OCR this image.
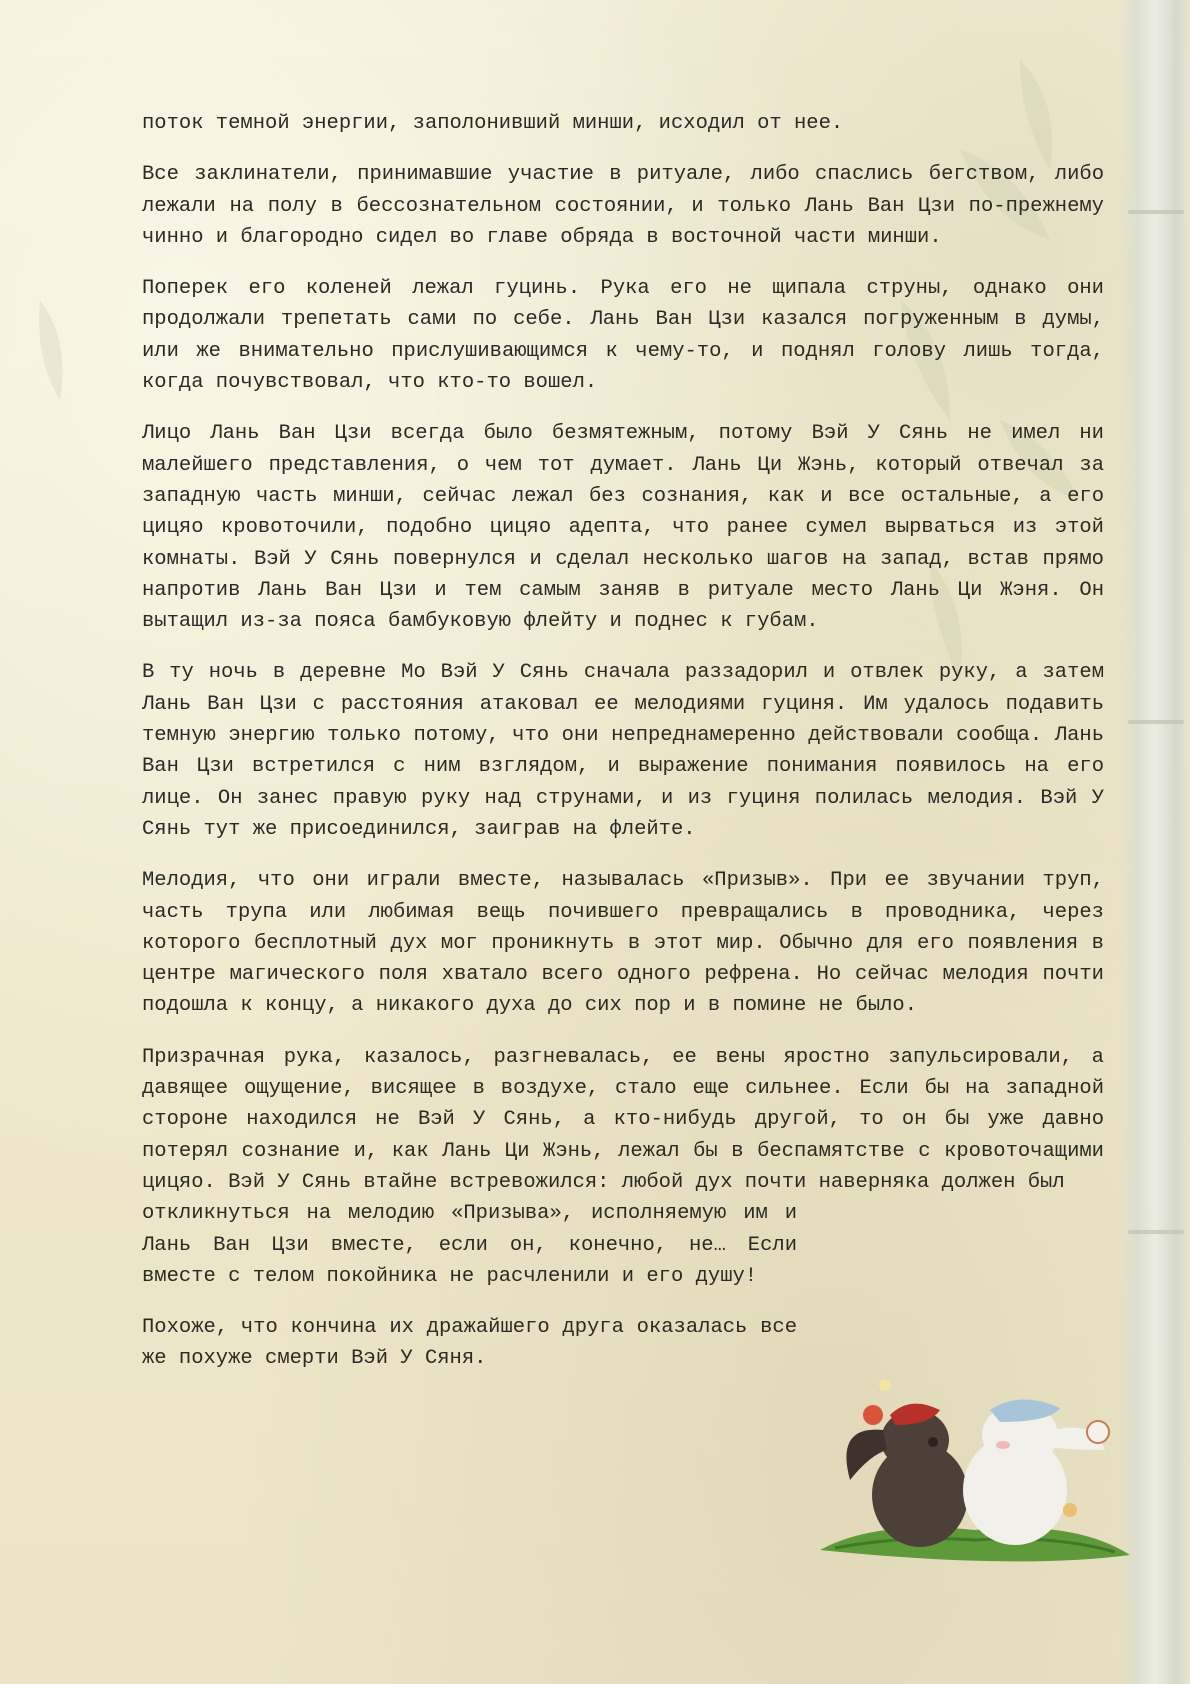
поток темной энергии, заполонивший минши, исходил от нее.

Все заклинатели, принимавшие участие в ритуале, либо спаслись бегством, либо лежали на полу в бессознательном состоянии, и только Лань Ван Цзи по-прежнему чинно и благородно сидел во главе обряда в восточной части минши.

Поперек его коленей лежал гуцинь. Рука его не щипала струны, однако они продолжали трепетать сами по себе. Лань Ван Цзи казался погруженным в думы, или же внимательно прислушивающимся к чему-то, и поднял голову лишь тогда, когда почувствовал, что кто-то вошел.

Лицо Лань Ван Цзи всегда было безмятежным, потому Вэй У Сянь не имел ни малейшего представления, о чем тот думает. Лань Ци Жэнь, который отвечал за западную часть минши, сейчас лежал без сознания, как и все остальные, а его цицяо кровоточили, подобно цицяо адепта, что ранее сумел вырваться из этой комнаты. Вэй У Сянь повернулся и сделал несколько шагов на запад, встав прямо напротив Лань Ван Цзи и тем самым заняв в ритуале место Лань Ци Жэня. Он вытащил из-за пояса бамбуковую флейту и поднес к губам.

В ту ночь в деревне Мо Вэй У Сянь сначала раззадорил и отвлек руку, а затем Лань Ван Цзи с расстояния атаковал ее мелодиями гуциня. Им удалось подавить темную энергию только потому, что они непреднамеренно действовали сообща. Лань Ван Цзи встретился с ним взглядом, и выражение понимания появилось на его лице. Он занес правую руку над струнами, и из гуциня полилась мелодия. Вэй У Сянь тут же присоединился, заиграв на флейте.

Мелодия, что они играли вместе, называлась «Призыв». При ее звучании труп, часть трупа или любимая вещь почившего превращались в проводника, через которого бесплотный дух мог проникнуть в этот мир. Обычно для его появления в центре магического поля хватало всего одного рефрена. Но сейчас мелодия почти подошла к концу, а никакого духа до сих пор и в помине не было.

Призрачная рука, казалось, разгневалась, ее вены яростно запульсировали, а давящее ощущение, висящее в воздухе, стало еще сильнее. Если бы на западной стороне находился не Вэй У Сянь, а кто-нибудь другой, то он бы уже давно потерял сознание и, как Лань Ци Жэнь, лежал бы в беспамятстве с кровоточащими цицяо. Вэй У Сянь втайне встревожился: любой дух почти наверняка должен был

откликнуться на мелодию «Призыва», исполняемую им и Лань Ван Цзи вместе, если он, конечно, не… Если вместе с телом покойника не расчленили и его душу!

Похоже, что кончина их дражайшего друга оказалась все же похуже смерти Вэй У Сяня.
